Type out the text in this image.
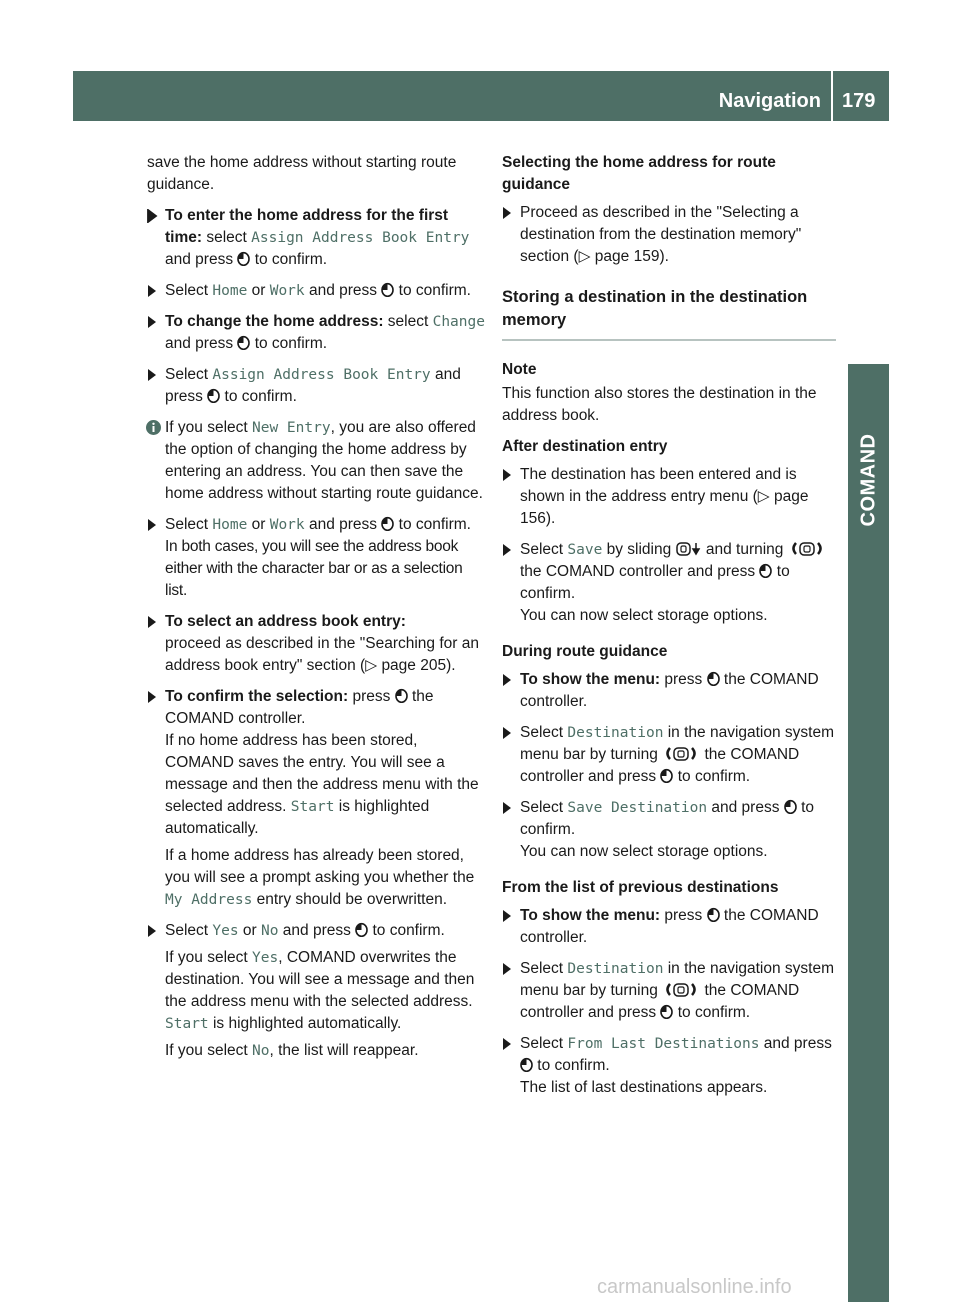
Navigation 179
COMAND
save the home address without starting route guidance.
To enter the home address for the first time: select Assign Address Book Entry and press  to confirm.
Select Home or Work and press  to confirm.
To change the home address: select Change and press  to confirm.
Select Assign Address Book Entry and press  to confirm.
If you select New Entry, you are also offered the option of changing the home address by entering an address. You can then save the home address without starting route guidance.
Select Home or Work and press  to confirm.
In both cases, you will see the address book either with the character bar or as a selection list.
To select an address book entry:
proceed as described in the "Searching for an address book entry" section (▷ page 205).
To confirm the selection: press  the COMAND controller.
If no home address has been stored, COMAND saves the entry. You will see a message and then the address menu with the selected address. Start is highlighted automatically.
If a home address has already been stored, you will see a prompt asking you whether the My Address entry should be overwritten.
Select Yes or No and press  to confirm.
If you select Yes, COMAND overwrites the destination. You will see a message and then the address menu with the selected address. Start is highlighted automatically.
If you select No, the list will reappear.
Selecting the home address for route guidance
Proceed as described in the "Selecting a destination from the destination memory" section (▷ page 159).
Storing a destination in the destination memory
Note
This function also stores the destination in the address book.
After destination entry
The destination has been entered and is shown in the address entry menu (▷ page 156).
Select Save by sliding  and turning  the COMAND controller and press  to confirm.
You can now select storage options.
During route guidance
To show the menu: press  the COMAND controller.
Select Destination in the navigation system menu bar by turning  the COMAND controller and press  to confirm.
Select Save Destination and press  to confirm.
You can now select storage options.
From the list of previous destinations
To show the menu: press  the COMAND controller.
Select Destination in the navigation system menu bar by turning  the COMAND controller and press  to confirm.
Select From Last Destinations and press  to confirm.
The list of last destinations appears.
carmanualsonline.info
